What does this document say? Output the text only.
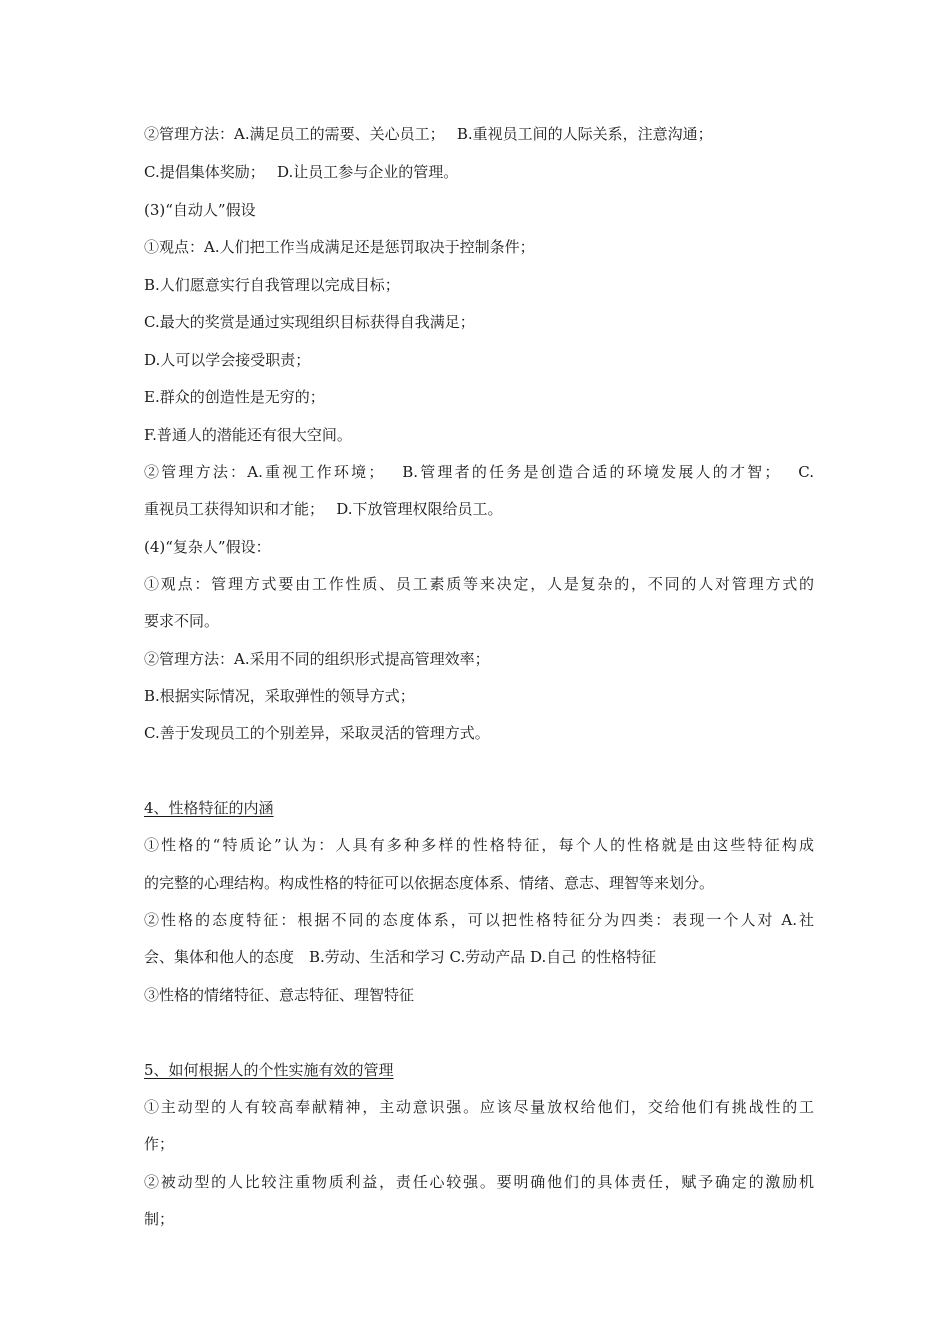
②管理方法：A.满足员工的需要、关心员工；　 B.重视员工间的人际关系，注意沟通；
C.提倡集体奖励；　 D.让员工参与企业的管理。
(3)“自动人”假设
①观点：A.人们把工作当成满足还是惩罚取决于控制条件；
B.人们愿意实行自我管理以完成目标；
C.最大的奖赏是通过实现组织目标获得自我满足；
D.人可以学会接受职责；
E.群众的创造性是无穷的；
F.普通人的潜能还有很大空间。
②管理方法：A.重视工作环境；　 B.管理者的任务是创造合适的环境发展人的才智；　 C.
重视员工获得知识和才能；　 D.下放管理权限给员工。
(4)“复杂人”假设：
①观点：管理方式要由工作性质、员工素质等来决定，人是复杂的，不同的人对管理方式的
要求不同。
②管理方法：A.采用不同的组织形式提高管理效率；
B.根据实际情况，采取弹性的领导方式；
C.善于发现员工的个别差异，采取灵活的管理方式。
4、性格特征的内涵
①性格的“特质论”认为：人具有多种多样的性格特征，每个人的性格就是由这些特征构成
的完整的心理结构。构成性格的特征可以依据态度体系、情绪、意志、理智等来划分。
②性格的态度特征：根据不同的态度体系，可以把性格特征分为四类：表现一个人对 A.社
会、集体和他人的态度　B.劳动、生活和学习 C.劳动产品 D.自己 的性格特征
③性格的情绪特征、意志特征、理智特征
5、如何根据人的个性实施有效的管理
①主动型的人有较高奉献精神，主动意识强。应该尽量放权给他们，交给他们有挑战性的工
作；
②被动型的人比较注重物质利益，责任心较强。要明确他们的具体责任，赋予确定的激励机
制；
